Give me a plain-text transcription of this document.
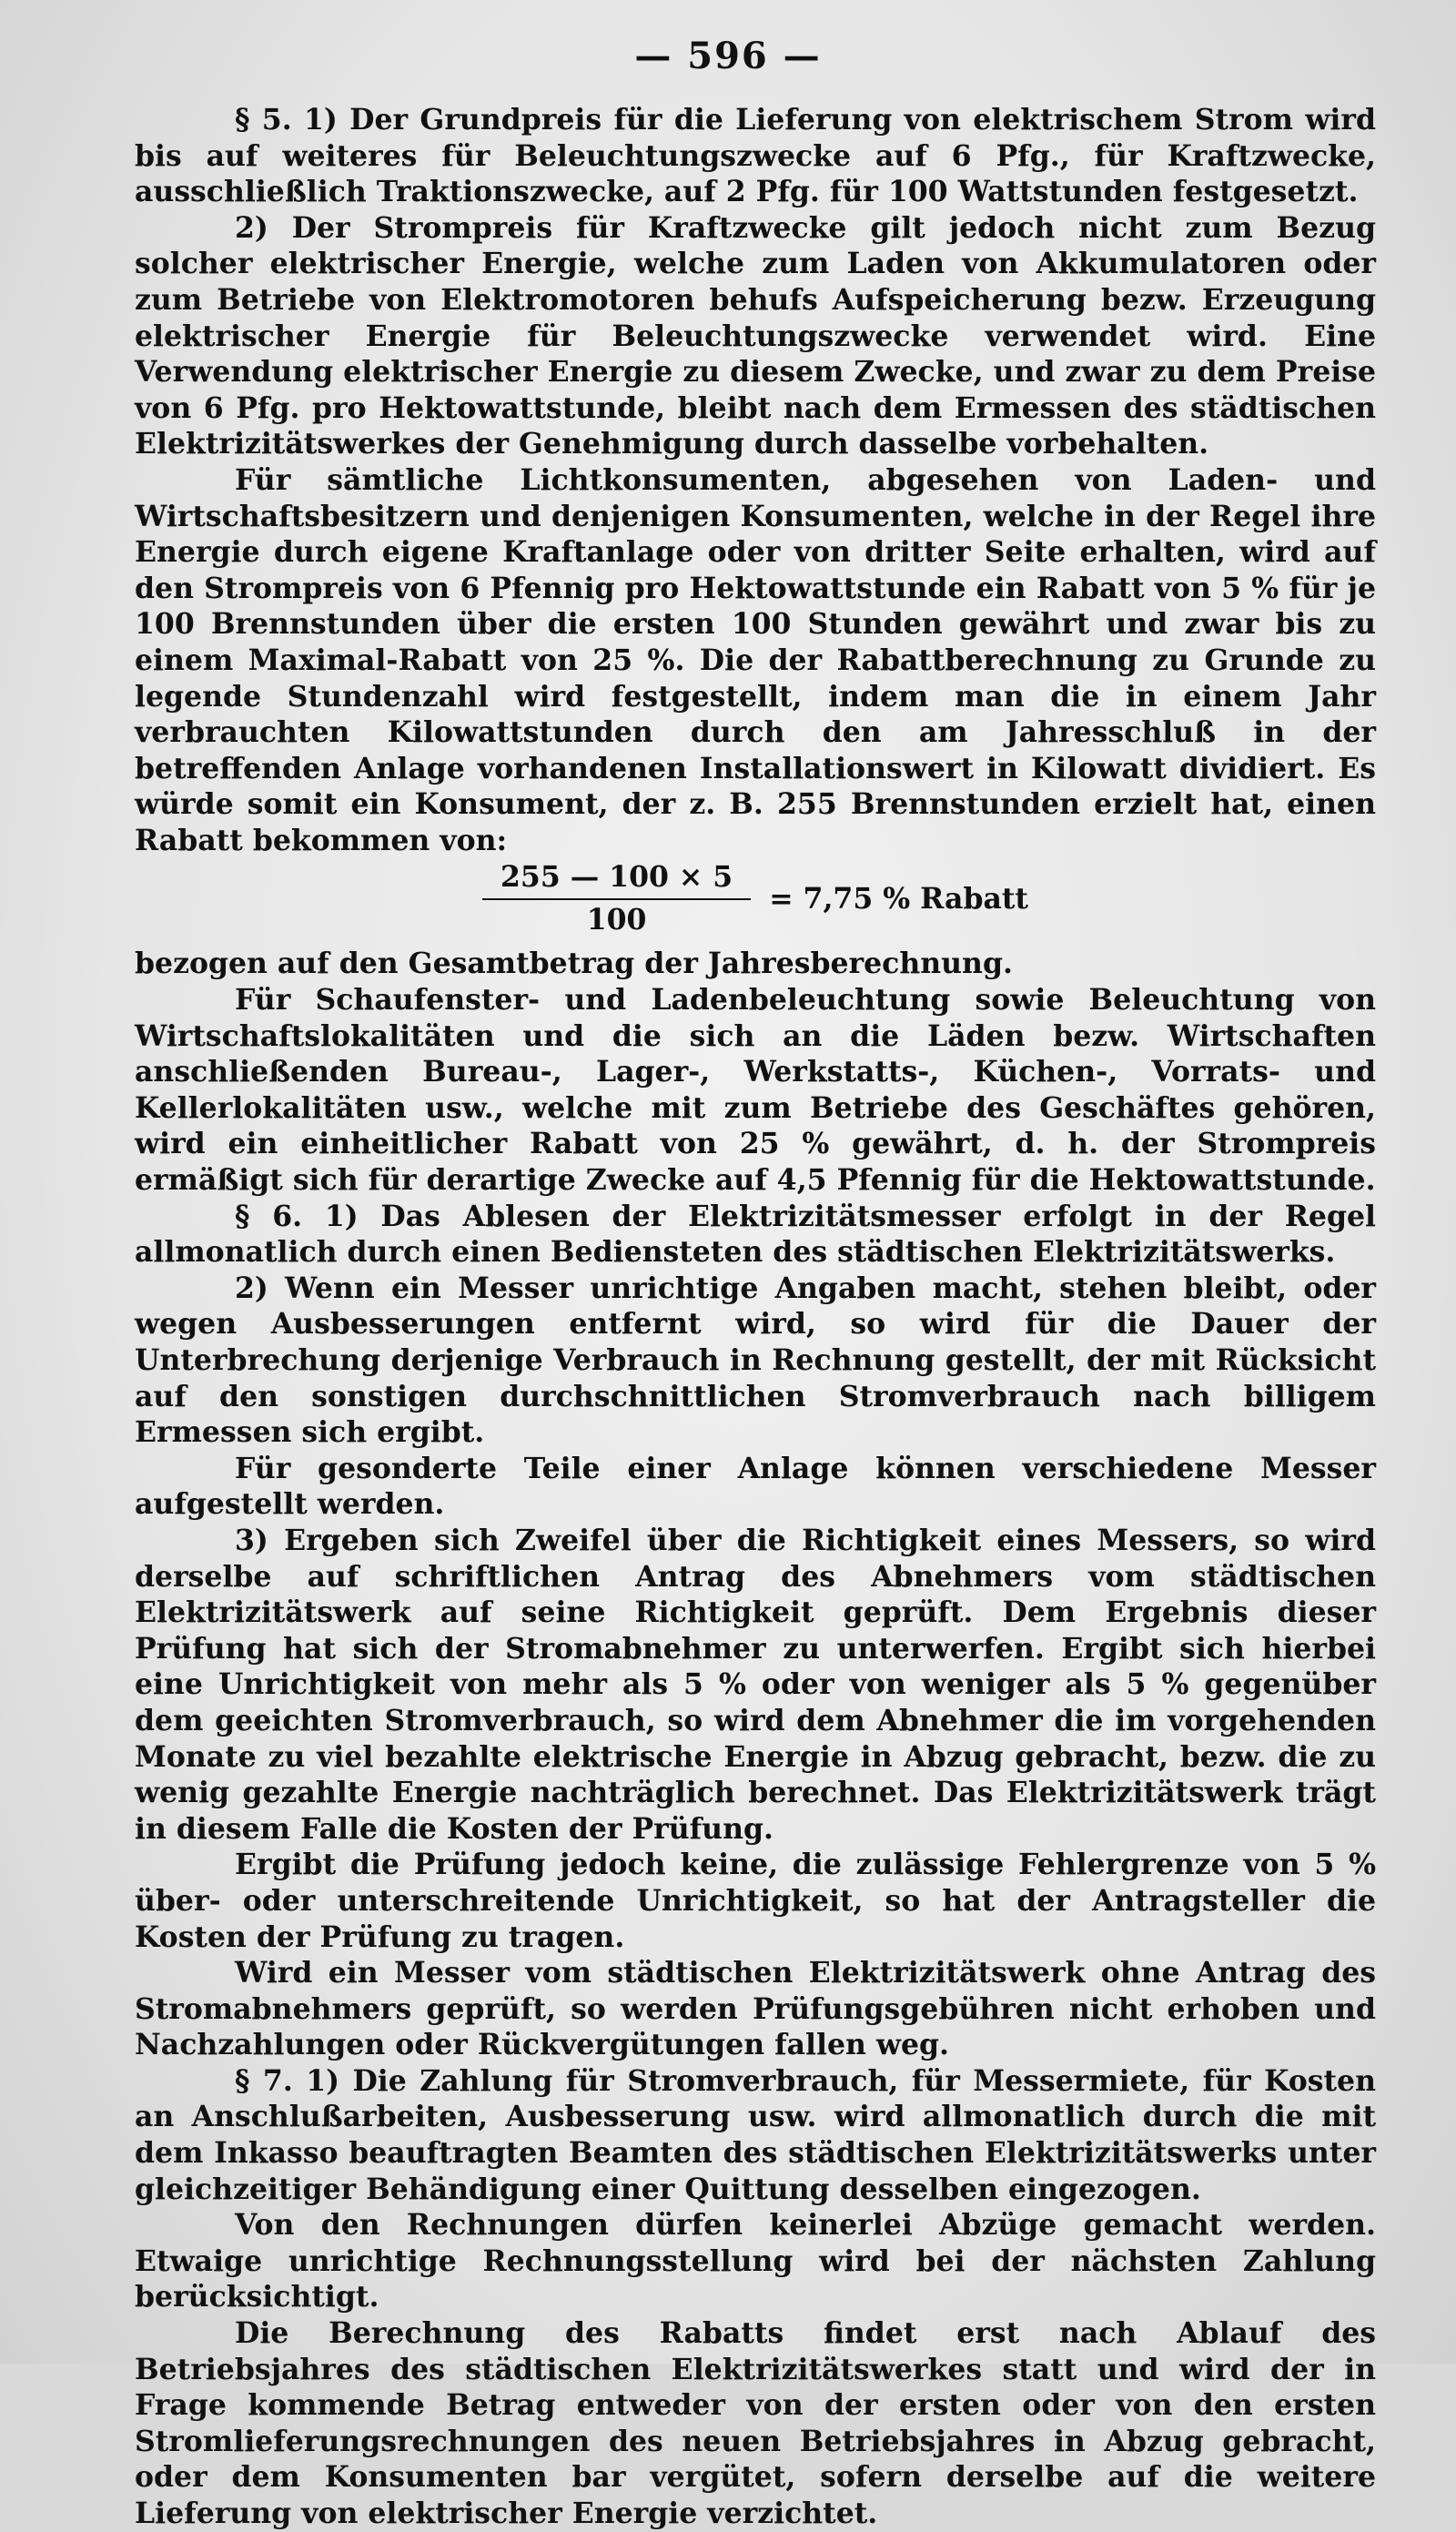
— 596 —

§ 5. 1) Der Grundpreis für die Lieferung von elektrischem Strom wird bis auf weiteres für Beleuchtungszwecke auf 6 Pfg., für Kraftzwecke, ausschließlich Traktionszwecke, auf 2 Pfg. für 100 Wattstunden festgesetzt.

2) Der Strompreis für Kraftzwecke gilt jedoch nicht zum Bezug solcher elektrischer Energie, welche zum Laden von Akkumulatoren oder zum Betriebe von Elektromotoren behufs Aufspeicherung bezw. Erzeugung elektrischer Energie für Beleuchtungszwecke verwendet wird. Eine Verwendung elektrischer Energie zu diesem Zwecke, und zwar zu dem Preise von 6 Pfg. pro Hektowattstunde, bleibt nach dem Ermessen des städtischen Elektrizitätswerkes der Genehmigung durch dasselbe vorbehalten.

Für sämtliche Lichtkonsumenten, abgesehen von Laden- und Wirtschaftsbesitzern und denjenigen Konsumenten, welche in der Regel ihre Energie durch eigene Kraftanlage oder von dritter Seite erhalten, wird auf den Strompreis von 6 Pfennig pro Hektowattstunde ein Rabatt von 5 % für je 100 Brennstunden über die ersten 100 Stunden gewährt und zwar bis zu einem Maximal-Rabatt von 25 %. Die der Rabattberechnung zu Grunde zu legende Stundenzahl wird festgestellt, indem man die in einem Jahr verbrauchten Kilowattstunden durch den am Jahresschluß in der betreffenden Anlage vorhandenen Installationswert in Kilowatt dividiert. Es würde somit ein Konsument, der z. B. 255 Brennstunden erzielt hat, einen Rabatt bekommen von:

$\frac{255 — 100 \times 5}{100} = 7,75$ % Rabatt

bezogen auf den Gesamtbetrag der Jahresberechnung.

Für Schaufenster- und Ladenbeleuchtung sowie Beleuchtung von Wirtschaftslokalitäten und die sich an die Läden bezw. Wirtschaften anschließenden Bureau-, Lager-, Werkstatts-, Küchen-, Vorrats- und Kellerlokalitäten usw., welche mit zum Betriebe des Geschäftes gehören, wird ein einheitlicher Rabatt von 25 % gewährt, d. h. der Strompreis ermäßigt sich für derartige Zwecke auf 4,5 Pfennig für die Hektowattstunde.

§ 6. 1) Das Ablesen der Elektrizitätsmesser erfolgt in der Regel allmonatlich durch einen Bediensteten des städtischen Elektrizitätswerks.

2) Wenn ein Messer unrichtige Angaben macht, stehen bleibt, oder wegen Ausbesserungen entfernt wird, so wird für die Dauer der Unterbrechung derjenige Verbrauch in Rechnung gestellt, der mit Rücksicht auf den sonstigen durchschnittlichen Stromverbrauch nach billigem Ermessen sich ergibt.

Für gesonderte Teile einer Anlage können verschiedene Messer aufgestellt werden.

3) Ergeben sich Zweifel über die Richtigkeit eines Messers, so wird derselbe auf schriftlichen Antrag des Abnehmers vom städtischen Elektrizitätswerk auf seine Richtigkeit geprüft. Dem Ergebnis dieser Prüfung hat sich der Stromabnehmer zu unterwerfen. Ergibt sich hierbei eine Unrichtigkeit von mehr als 5 % oder von weniger als 5 % gegenüber dem geeichten Stromverbrauch, so wird dem Abnehmer die im vorgehenden Monate zu viel bezahlte elektrische Energie in Abzug gebracht, bezw. die zu wenig gezahlte Energie nachträglich berechnet. Das Elektrizitätswerk trägt in diesem Falle die Kosten der Prüfung.

Ergibt die Prüfung jedoch keine, die zulässige Fehlergrenze von 5 % über- oder unterschreitende Unrichtigkeit, so hat der Antragsteller die Kosten der Prüfung zu tragen.

Wird ein Messer vom städtischen Elektrizitätswerk ohne Antrag des Stromabnehmers geprüft, so werden Prüfungsgebühren nicht erhoben und Nachzahlungen oder Rückvergütungen fallen weg.

§ 7. 1) Die Zahlung für Stromverbrauch, für Messermiete, für Kosten an Anschlußarbeiten, Ausbesserung usw. wird allmonatlich durch die mit dem Inkasso beauftragten Beamten des städtischen Elektrizitätswerks unter gleichzeitiger Behändigung einer Quittung desselben eingezogen.

Von den Rechnungen dürfen keinerlei Abzüge gemacht werden. Etwaige unrichtige Rechnungsstellung wird bei der nächsten Zahlung berücksichtigt.

Die Berechnung des Rabatts findet erst nach Ablauf des Betriebsjahres des städtischen Elektrizitätswerkes statt und wird der in Frage kommende Betrag entweder von der ersten oder von den ersten Stromlieferungsrechnungen des neuen Betriebsjahres in Abzug gebracht, oder dem Konsumenten bar vergütet, sofern derselbe auf die weitere Lieferung von elektrischer Energie verzichtet.
